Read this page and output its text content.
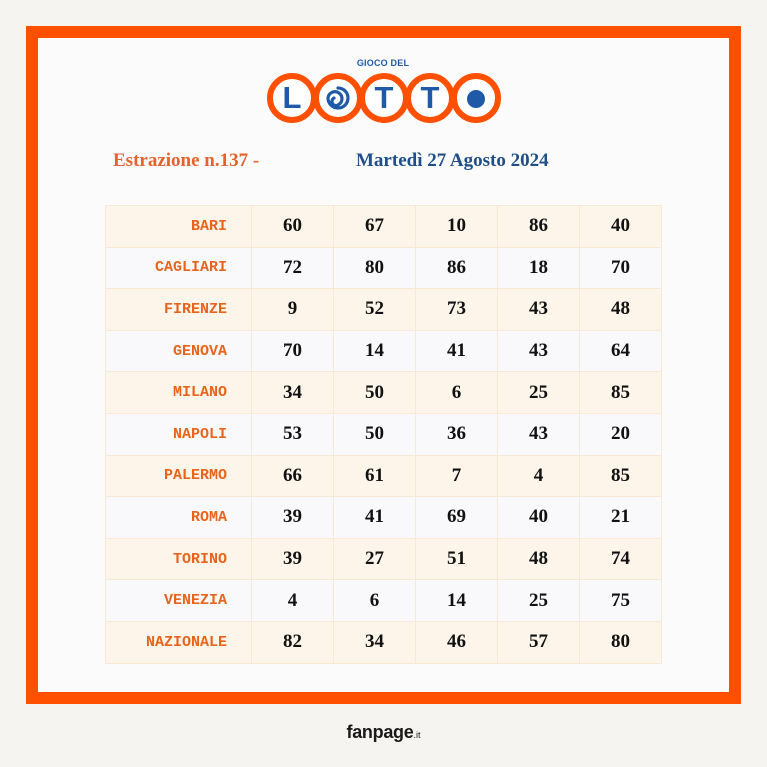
GIOCO DEL
L	T T
Estrazione n.137 -	Martedì 27 Agosto 2024
BARI	60	67	10	86	40
CAGLIARI	72	80	86	18	70
FIRENZE	9	52	73	43	48
GENOVA	70	14	41	43	64
MILANO	34	50	6	25	85
NAPOLI	53	50	36	43	20
PALERMO	66	61	7	4	85
ROMA	39	41	69	40	21
TORINO	39	27	51	48	74
VENEZIA	4	6	14	25	75
NAZIONALE	82	34	46	57	80
fanpage.it
